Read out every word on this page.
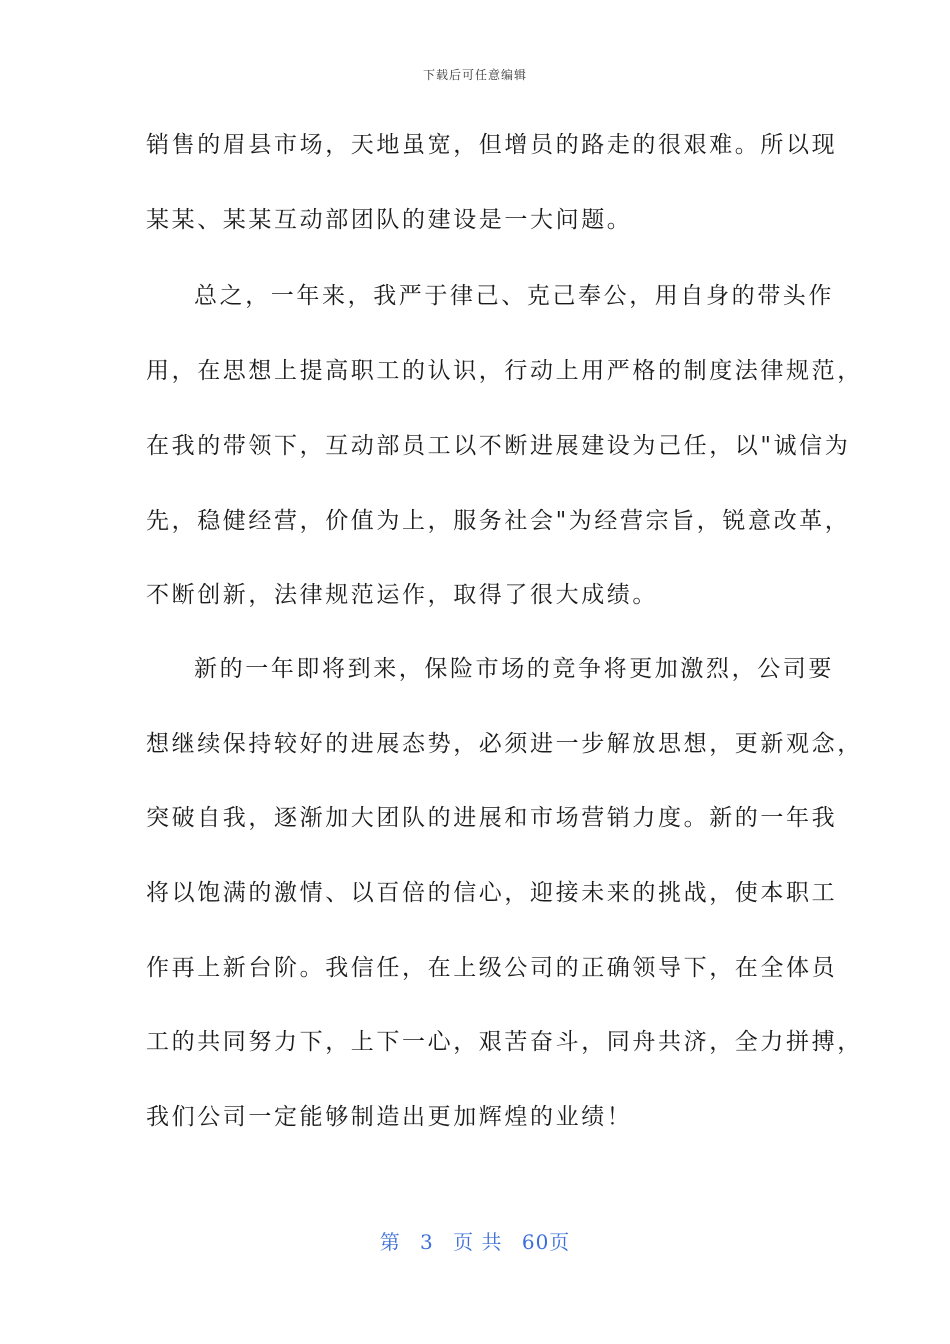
下载后可任意编辑
销售的眉县市场，天地虽宽，但增员的路走的很艰难。所以现
某某、某某互动部团队的建设是一大问题。
总之，一年来，我严于律己、克己奉公，用自身的带头作
用，在思想上提高职工的认识，行动上用严格的制度法律规范，
在我的带领下，互动部员工以不断进展建设为己任，以"诚信为
先，稳健经营，价值为上，服务社会"为经营宗旨，锐意改革，
不断创新，法律规范运作，取得了很大成绩。
新的一年即将到来，保险市场的竞争将更加激烈，公司要
想继续保持较好的进展态势，必须进一步解放思想，更新观念，
突破自我，逐渐加大团队的进展和市场营销力度。新的一年我
将以饱满的激情、以百倍的信心，迎接未来的挑战，使本职工
作再上新台阶。我信任，在上级公司的正确领导下，在全体员
工的共同努力下，上下一心，艰苦奋斗，同舟共济，全力拼搏，
我们公司一定能够制造出更加辉煌的业绩！
第 3 页 共 60页
